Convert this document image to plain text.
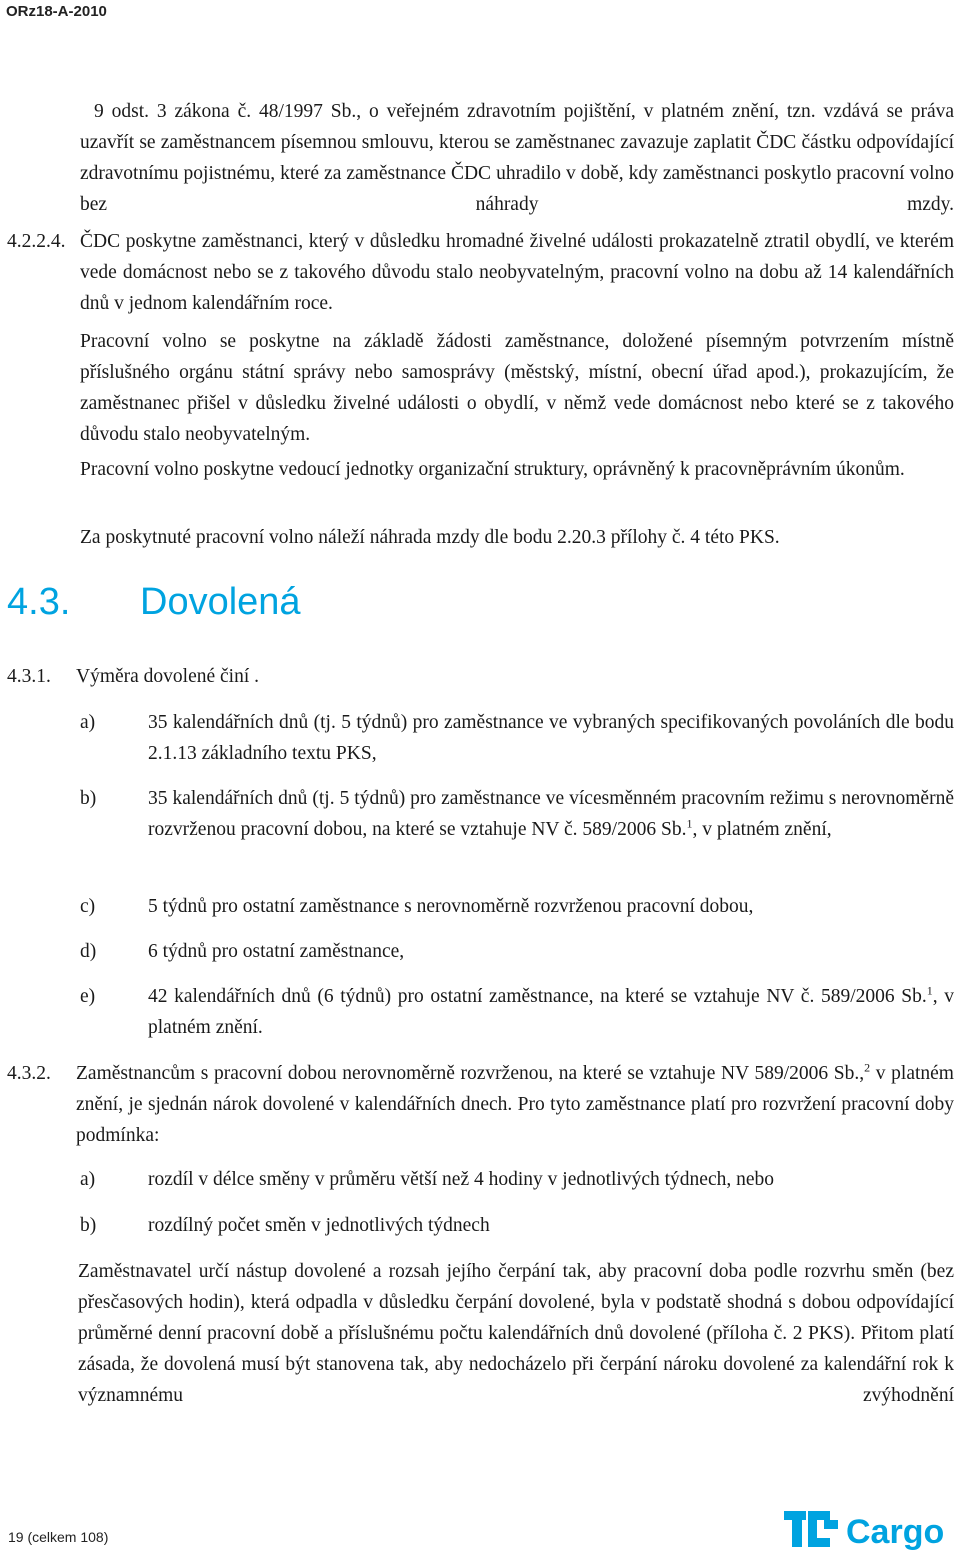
ORz18-A-2010

9 odst. 3 zákona č. 48/1997 Sb., o veřejném zdravotním pojištění, v platném znění, tzn. vzdává se práva uzavřít se zaměstnancem písemnou smlouvu, kterou se zaměstnanec zavazuje zaplatit ČDC částku odpovídající zdravotnímu pojistnému, které za zaměstnance ČDC uhradilo v době, kdy zaměstnanci poskytlo pracovní volno bez náhrady mzdy.

4.2.2.4. ČDC poskytne zaměstnanci, který v důsledku hromadné živelné události prokazatelně ztratil obydlí, ve kterém vede domácnost nebo se z takového důvodu stalo neobyvatelným, pracovní volno na dobu až 14 kalendářních dnů v jednom kalendářním roce.

Pracovní volno se poskytne na základě žádosti zaměstnance, doložené písemným potvrzením místně příslušného orgánu státní správy nebo samosprávy (městský, místní, obecní úřad apod.), prokazujícím, že zaměstnanec přišel v důsledku živelné události o obydlí, v němž vede domácnost nebo které se z takového důvodu stalo neobyvatelným.

Pracovní volno poskytne vedoucí jednotky organizační struktury, oprávněný k pracovněprávním úkonům.

Za poskytnuté pracovní volno náleží náhrada mzdy dle bodu 2.20.3 přílohy č. 4 této PKS.

4.3. Dovolená
4.3.1. Výměra dovolené činí .
a)	35 kalendářních dnů (tj. 5 týdnů) pro zaměstnance ve vybraných specifikovaných povoláních dle bodu 2.1.13 základního textu PKS,

b)	35 kalendářních dnů (tj. 5 týdnů) pro zaměstnance ve vícesměnném pracovním režimu s nerovnoměrně rozvrženou pracovní dobou, na které se vztahuje NV č. 589/2006 Sb.$^1$, v platném znění,

c)	5 týdnů pro ostatní zaměstnance s nerovnoměrně rozvrženou pracovní dobou,

d)	6 týdnů pro ostatní zaměstnance,

e)	42 kalendářních dnů (6 týdnů) pro ostatní zaměstnance, na které se vztahuje NV č. 589/2006 Sb.$^1$, v platném znění.

4.3.2. Zaměstnancům s pracovní dobou nerovnoměrně rozvrženou, na které se vztahuje NV 589/2006 Sb.,$^2$ v platném znění, je sjednán nárok dovolené v kalendářních dnech. Pro tyto zaměstnance platí pro rozvržení pracovní doby podmínka:

a)	rozdíl v délce směny v průměru větší než 4 hodiny v jednotlivých týdnech, nebo

b)	rozdílný počet směn v jednotlivých týdnech

Zaměstnavatel určí nástup dovolené a rozsah jejího čerpání tak, aby pracovní doba podle rozvrhu směn (bez přesčasových hodin), která odpadla v důsledku čerpání dovolené, byla v podstatě shodná s dobou odpovídající průměrné denní pracovní době a příslušnému počtu kalendářních dnů dovolené (příloha č. 2 PKS). Přitom platí zásada, že dovolená musí být stanovena tak, aby nedocházelo při čerpání nároku dovolené za kalendářní rok k významnému zvýhodnění

19 (celkem 108)	Cargo
